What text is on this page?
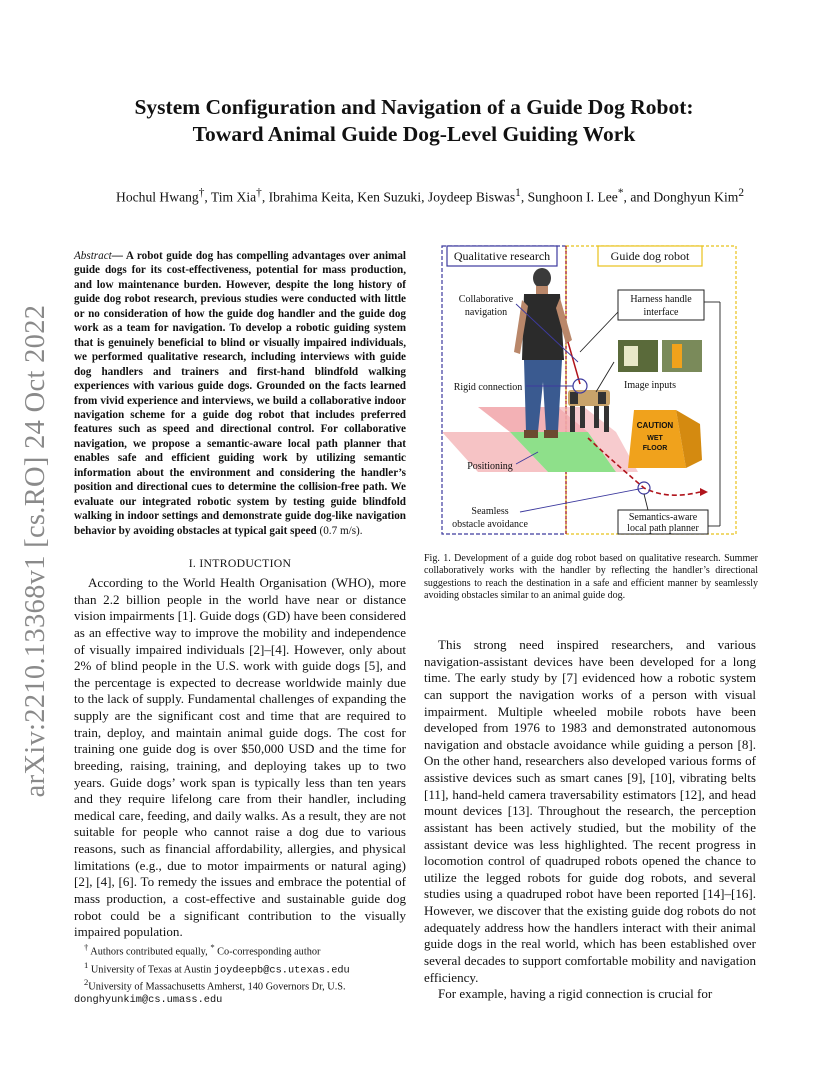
arXiv:2210.13368v1 [cs.RO] 24 Oct 2022
System Configuration and Navigation of a Guide Dog Robot:
Toward Animal Guide Dog-Level Guiding Work
Hochul Hwang†, Tim Xia†, Ibrahima Keita, Ken Suzuki, Joydeep Biswas$^1$, Sunghoon I. Lee*, and Donghyun Kim$^2$
Abstract— A robot guide dog has compelling advantages over animal guide dogs for its cost-effectiveness, potential for mass production, and low maintenance burden. However, despite the long history of guide dog robot research, previous studies were conducted with little or no consideration of how the guide dog handler and the guide dog work as a team for navigation. To develop a robotic guiding system that is genuinely beneficial to blind or visually impaired individuals, we performed qualitative research, including interviews with guide dog handlers and trainers and first-hand blindfold walking experiences with various guide dogs. Grounded on the facts learned from vivid experience and interviews, we build a collaborative indoor navigation scheme for a guide dog robot that includes preferred features such as speed and directional control. For collaborative navigation, we propose a semantic-aware local path planner that enables safe and efficient guiding work by utilizing semantic information about the environment and considering the handler’s position and directional cues to determine the collision-free path. We evaluate our integrated robotic system by testing guide blindfold walking in indoor settings and demonstrate guide dog-like navigation behavior by avoiding obstacles at typical gait speed (0.7 m/s).
I. INTRODUCTION

According to the World Health Organisation (WHO), more than 2.2 billion people in the world have near or distance vision impairments [1]. Guide dogs (GD) have been considered as an effective way to improve the mobility and independence of visually impaired individuals [2]–[4]. However, only about 2% of blind people in the U.S. work with guide dogs [5], and the percentage is expected to decrease worldwide mainly due to the lack of supply. Fundamental challenges of expanding the supply are the significant cost and time that are required to train, deploy, and maintain animal guide dogs. The cost for training one guide dog is over $50,000 USD and the time for breeding, raising, training, and deploying takes up to two years. Guide dogs’ work span is typically less than ten years and they require lifelong care from their handler, including medical care, feeding, and daily walks. As a result, they are not suitable for people who cannot raise a dog due to various reasons, such as financial affordability, allergies, and physical limitations (e.g., due to motor impairments or natural aging) [2], [4], [6]. To remedy the issues and embrace the potential of mass production, a cost-effective and sustainable guide dog robot could be a significant contribution to the visually impaired population.

† Authors contributed equally, * Co-corresponding author
$^1$ University of Texas at Austin joydeepb@cs.utexas.edu
$^2$University of Massachusetts Amherst, 140 Governors Dr, U.S.
donghyunkim@cs.umass.edu
Qualitative research	Guide dog robot
Collaborative
navigation
Rigid connection
Positioning
Seamless
obstacle avoidance
Harness handle
interface
Image inputs
CAUTION
WET
FLOOR
Semantics-aware
local path planner
Fig. 1. Development of a guide dog robot based on qualitative research. Summer collaboratively works with the handler by reflecting the handler’s directional suggestions to reach the destination in a safe and efficient manner by seamlessly avoiding obstacles similar to an animal guide dog.

This strong need inspired researchers, and various navigation-assistant devices have been developed for a long time. The early study by [7] evidenced how a robotic system can support the navigation works of a person with visual impairment. Multiple wheeled mobile robots have been developed from 1976 to 1983 and demonstrated autonomous navigation and obstacle avoidance while guiding a person [8]. On the other hand, researchers also developed various forms of assistive devices such as smart canes [9], [10], vibrating belts [11], hand-held camera traversability estimators [12], and head mount devices [13]. Throughout the research, the perception assistant has been actively studied, but the mobility of the assistant device was less highlighted. The recent progress in locomotion control of quadruped robots opened the chance to utilize the legged robots for guide dog robots, and several studies using a quadruped robot have been reported [14]–[16]. However, we discover that the existing guide dog robots do not adequately address how the handlers interact with their animal guide dogs in the real world, which has been established over several decades to support comfortable mobility and navigation efficiency.

For example, having a rigid connection is crucial for
